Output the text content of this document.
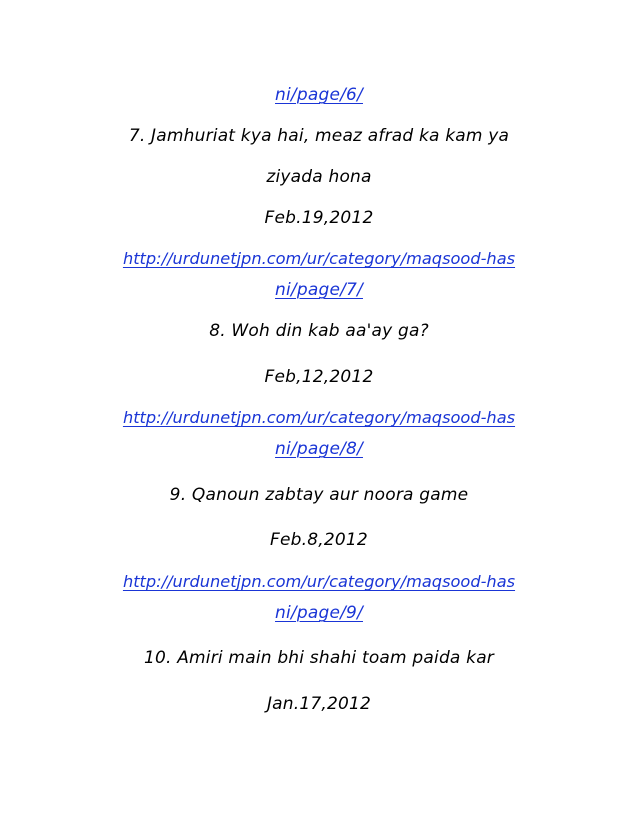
ni/page/6/
7. Jamhuriat kya hai, meaz afrad ka kam ya
ziyada hona
Feb.19,2012
http://urdunetjpn.com/ur/category/maqsood-has
ni/page/7/
8. Woh din kab aa'ay ga?
Feb,12,2012
http://urdunetjpn.com/ur/category/maqsood-has
ni/page/8/
9. Qanoun zabtay aur noora game
Feb.8,2012
http://urdunetjpn.com/ur/category/maqsood-has
ni/page/9/
10. Amiri main bhi shahi toam paida kar
Jan.17,2012
